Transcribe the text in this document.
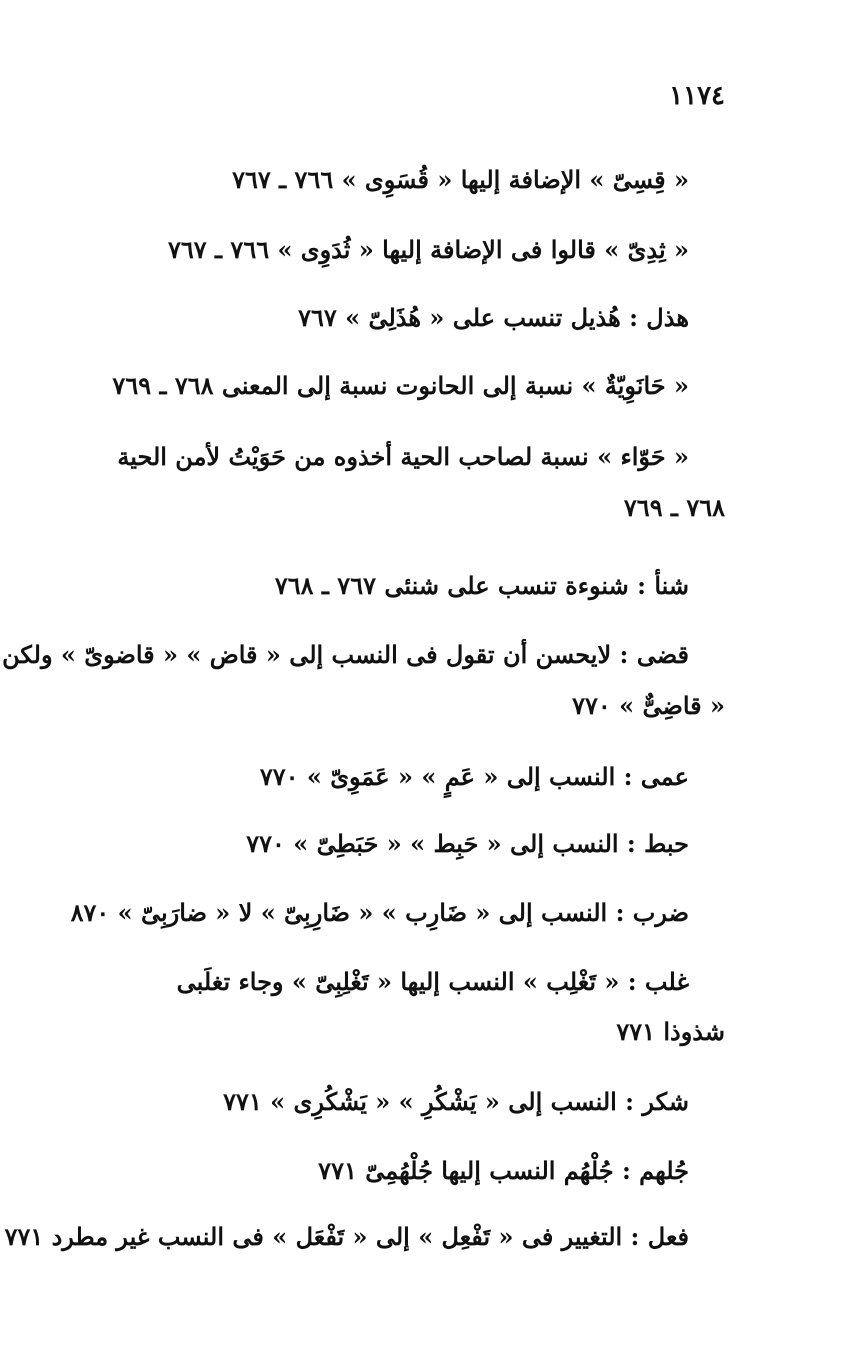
١١٧٤
« قِسِىّ » الإضافة إليها « قُسَوِى » ٧٦٦ ـ ٧٦٧
« ثِدِىّ » قالوا فى الإضافة إليها « ثُدَوِى » ٧٦٦ ـ ٧٦٧
هذل : هُذيل تنسب على « هُذَلِىّ » ٧٦٧
« حَانَوِيّةٌ » نسبة إلى الحانوت نسبة إلى المعنى ٧٦٨ ـ ٧٦٩
« حَوّاء » نسبة لصاحب الحية أخذوه من حَوَيْتُ لأمن الحية
٧٦٨ ـ ٧٦٩
شنأ : شنوءة تنسب على شنئى ٧٦٧ ـ ٧٦٨
قضى : لايحسن أن تقول فى النسب إلى « قاض » « قاضوىّ » ولكن
« قاضِىٌّ » ٧٧٠
عمى : النسب إلى « عَمٍ » « عَمَوِىّ » ٧٧٠
حبط : النسب إلى « حَبِط » « حَبَطِىّ » ٧٧٠
ضرب : النسب إلى « ضَارِب » « ضَارِبِىّ » لا « ضارَبِىّ » ٨٧٠
غلب : « تَغْلِب » النسب إليها « تَغْلِبِىّ » وجاء تغلَبى
شذوذا ٧٧١
شكر : النسب إلى « يَشْكُرِ » « يَشْكُرِى » ٧٧١
جُلهم : جُلْهُم النسب إليها جُلْهُمِىّ ٧٧١
فعل : التغيير فى « تَفْعِل » إلى « تَفْعَل » فى النسب غير مطرد ٧٧١
